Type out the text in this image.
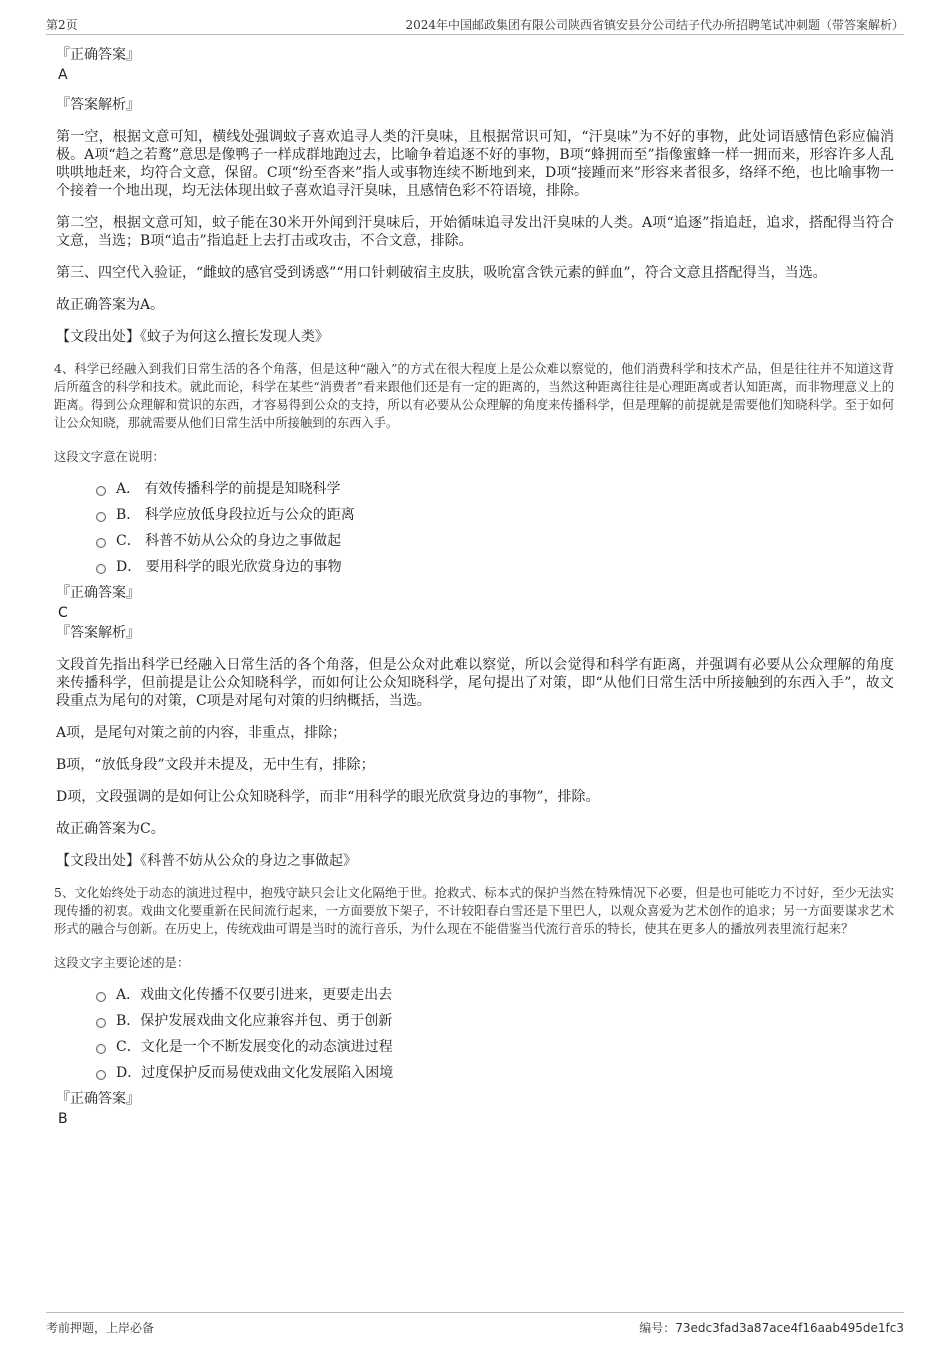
第2页	2024年中国邮政集团有限公司陕西省镇安县分公司结子代办所招聘笔试冲刺题（带答案解析）

『正确答案』

A

『答案解析』

第一空，根据文意可知，横线处强调蚊子喜欢追寻人类的汗臭味，且根据常识可知，“汗臭味”为不好的事物，此处词语感情色彩应偏消极。A项“趋之若鹜”意思是像鸭子一样成群地跑过去，比喻争着追逐不好的事物，B项“蜂拥而至”指像蜜蜂一样一拥而来，形容许多人乱哄哄地赶来，均符合文意，保留。C项“纷至沓来”指人或事物连续不断地到来，D项“接踵而来”形容来者很多，络绎不绝，也比喻事物一个接着一个地出现，均无法体现出蚊子喜欢追寻汗臭味，且感情色彩不符语境，排除。

第二空，根据文意可知，蚊子能在30米开外闻到汗臭味后，开始循味追寻发出汗臭味的人类。A项“追逐”指追赶，追求，搭配得当符合文意，当选；B项“追击”指追赶上去打击或攻击，不合文意，排除。

第三、四空代入验证，“雌蚊的感官受到诱惑”“用口针刺破宿主皮肤，吸吮富含铁元素的鲜血”，符合文意且搭配得当，当选。

故正确答案为A。

【文段出处】《蚊子为何这么擅长发现人类》

4、科学已经融入到我们日常生活的各个角落，但是这种“融入”的方式在很大程度上是公众难以察觉的，他们消费科学和技术产品，但是往往并不知道这背后所蕴含的科学和技术。就此而论，科学在某些“消费者”看来跟他们还是有一定的距离的，当然这种距离往往是心理距离或者认知距离，而非物理意义上的距离。得到公众理解和赏识的东西，才容易得到公众的支持，所以有必要从公众理解的角度来传播科学，但是理解的前提就是需要他们知晓科学。至于如何让公众知晓，那就需要从他们日常生活中所接触到的东西入手。

这段文字意在说明：

A． 有效传播科学的前提是知晓科学
B． 科学应放低身段拉近与公众的距离
C． 科普不妨从公众的身边之事做起
D． 要用科学的眼光欣赏身边的事物

『正确答案』

C

『答案解析』

文段首先指出科学已经融入日常生活的各个角落，但是公众对此难以察觉，所以会觉得和科学有距离，并强调有必要从公众理解的角度来传播科学，但前提是让公众知晓科学，而如何让公众知晓科学，尾句提出了对策，即“从他们日常生活中所接触到的东西入手”，故文段重点为尾句的对策，C项是对尾句对策的归纳概括，当选。

A项，是尾句对策之前的内容，非重点，排除；

B项，“放低身段”文段并未提及，无中生有，排除；

D项，文段强调的是如何让公众知晓科学，而非“用科学的眼光欣赏身边的事物”，排除。

故正确答案为C。

【文段出处】《科普不妨从公众的身边之事做起》

5、文化始终处于动态的演进过程中，抱残守缺只会让文化隔绝于世。抢救式、标本式的保护当然在特殊情况下必要，但是也可能吃力不讨好，至少无法实现传播的初衷。戏曲文化要重新在民间流行起来，一方面要放下架子，不计较阳春白雪还是下里巴人，以观众喜爱为艺术创作的追求；另一方面要谋求艺术形式的融合与创新。在历史上，传统戏曲可谓是当时的流行音乐，为什么现在不能借鉴当代流行音乐的特长，使其在更多人的播放列表里流行起来？

这段文字主要论述的是：

A．戏曲文化传播不仅要引进来，更要走出去
B．保护发展戏曲文化应兼容并包、勇于创新
C．文化是一个不断发展变化的动态演进过程
D．过度保护反而易使戏曲文化发展陷入困境

『正确答案』

B

考前押题，上岸必备	编号：73edc3fad3a87ace4f16aab495de1fc3
